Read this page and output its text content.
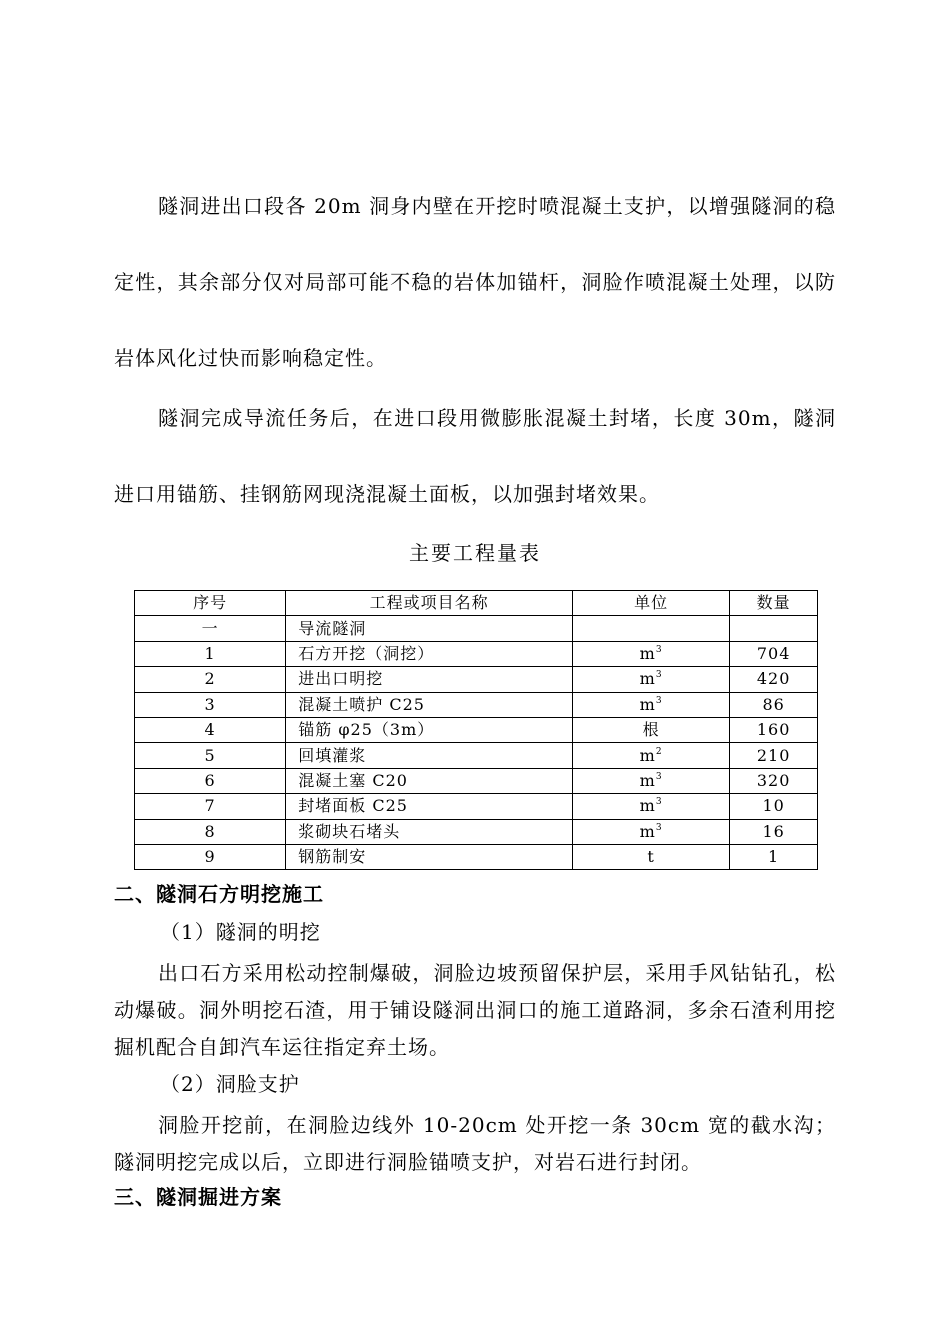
隧洞进出口段各 20m 洞身内壁在开挖时喷混凝土支护，以增强隧洞的稳定性，其余部分仅对局部可能不稳的岩体加锚杆，洞脸作喷混凝土处理，以防岩体风化过快而影响稳定性。

隧洞完成导流任务后，在进口段用微膨胀混凝土封堵，长度 30m，隧洞进口用锚筋、挂钢筋网现浇混凝土面板，以加强封堵效果。

主要工程量表
序号	工程或项目名称	单位	数量
一	导流隧洞		
1	石方开挖（洞挖）	$m^3$	704
2	进出口明挖	$m^3$	420
3	混凝土喷护 C25	$m^3$	86
4	锚筋 φ25（3m）	根	160
5	回填灌浆	$m^2$	210
6	混凝土塞 C20	$m^3$	320
7	封堵面板 C25	$m^3$	10
8	浆砌块石堵头	$m^3$	16
9	钢筋制安	t	1
二、隧洞石方明挖施工

（1）隧洞的明挖

出口石方采用松动控制爆破，洞脸边坡预留保护层，采用手风钻钻孔，松动爆破。洞外明挖石渣，用于铺设隧洞出洞口的施工道路洞，多余石渣利用挖掘机配合自卸汽车运往指定弃土场。

（2）洞脸支护

洞脸开挖前，在洞脸边线外 10-20cm 处开挖一条 30cm 宽的截水沟；隧洞明挖完成以后，立即进行洞脸锚喷支护，对岩石进行封闭。

三、隧洞掘进方案
